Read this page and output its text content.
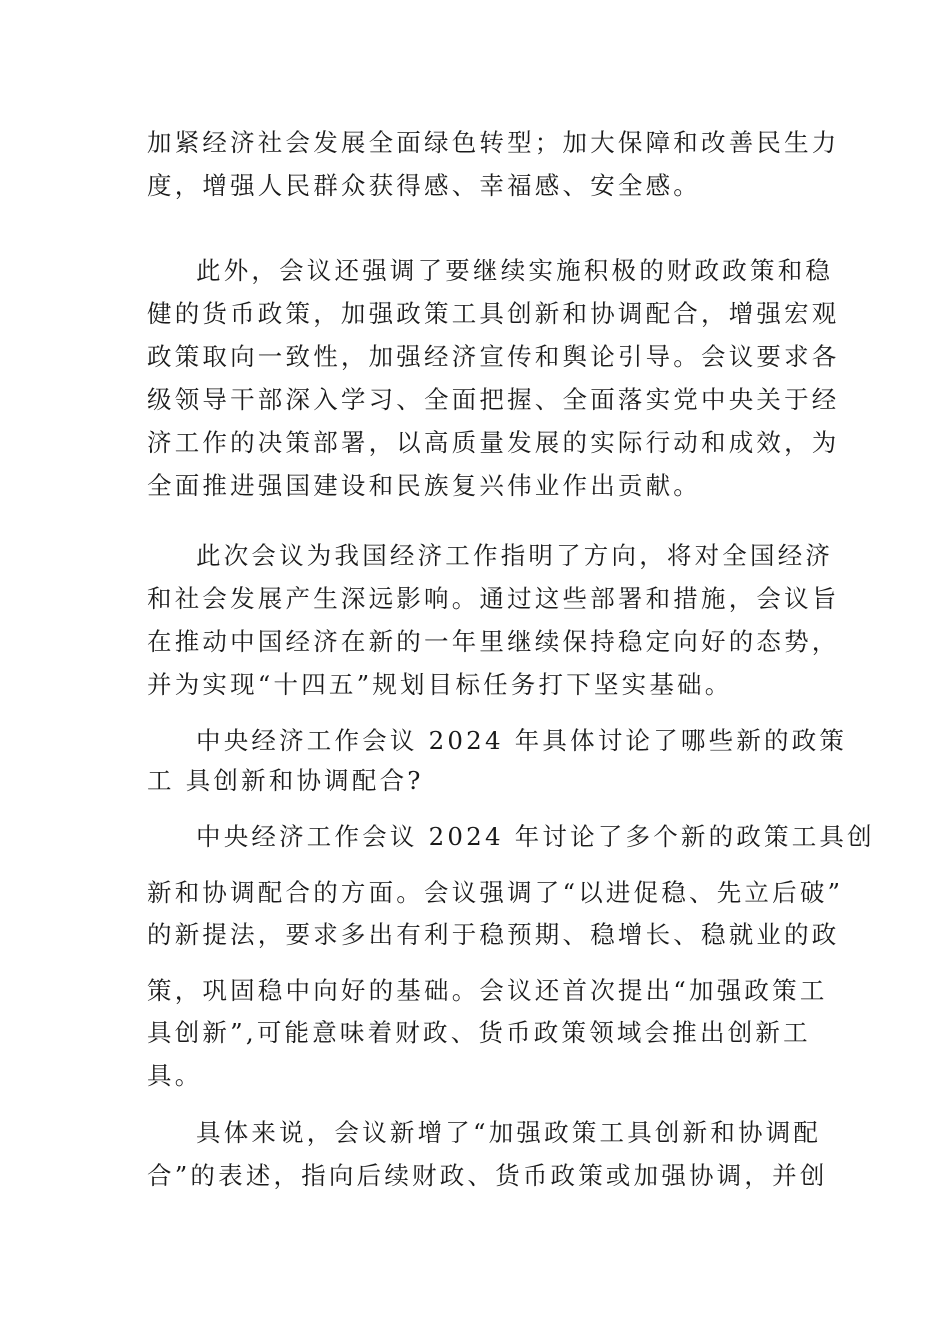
加紧经济社会发展全面绿色转型；加大保障和改善民生力
度，增强人民群众获得感、幸福感、安全感。
此外，会议还强调了要继续实施积极的财政政策和稳
健的货币政策，加强政策工具创新和协调配合，增强宏观
政策取向一致性，加强经济宣传和舆论引导。会议要求各
级领导干部深入学习、全面把握、全面落实党中央关于经
济工作的决策部署，以高质量发展的实际行动和成效，为
全面推进强国建设和民族复兴伟业作出贡献。
此次会议为我国经济工作指明了方向，将对全国经济
和社会发展产生深远影响。通过这些部署和措施，会议旨
在推动中国经济在新的一年里继续保持稳定向好的态势，
并为实现“十四五”规划目标任务打下坚实基础。
中央经济工作会议 2024 年具体讨论了哪些新的政策
工 具创新和协调配合?
中央经济工作会议 2024 年讨论了多个新的政策工具创
新和协调配合的方面。会议强调了“以进促稳、先立后破”
的新提法，要求多出有利于稳预期、稳增长、稳就业的政
策，巩固稳中向好的基础。会议还首次提出“加强政策工
具创新”,可能意味着财政、货币政策领域会推出创新工
具。
具体来说，会议新增了“加强政策工具创新和协调配
合”的表述，指向后续财政、货币政策或加强协调，并创
